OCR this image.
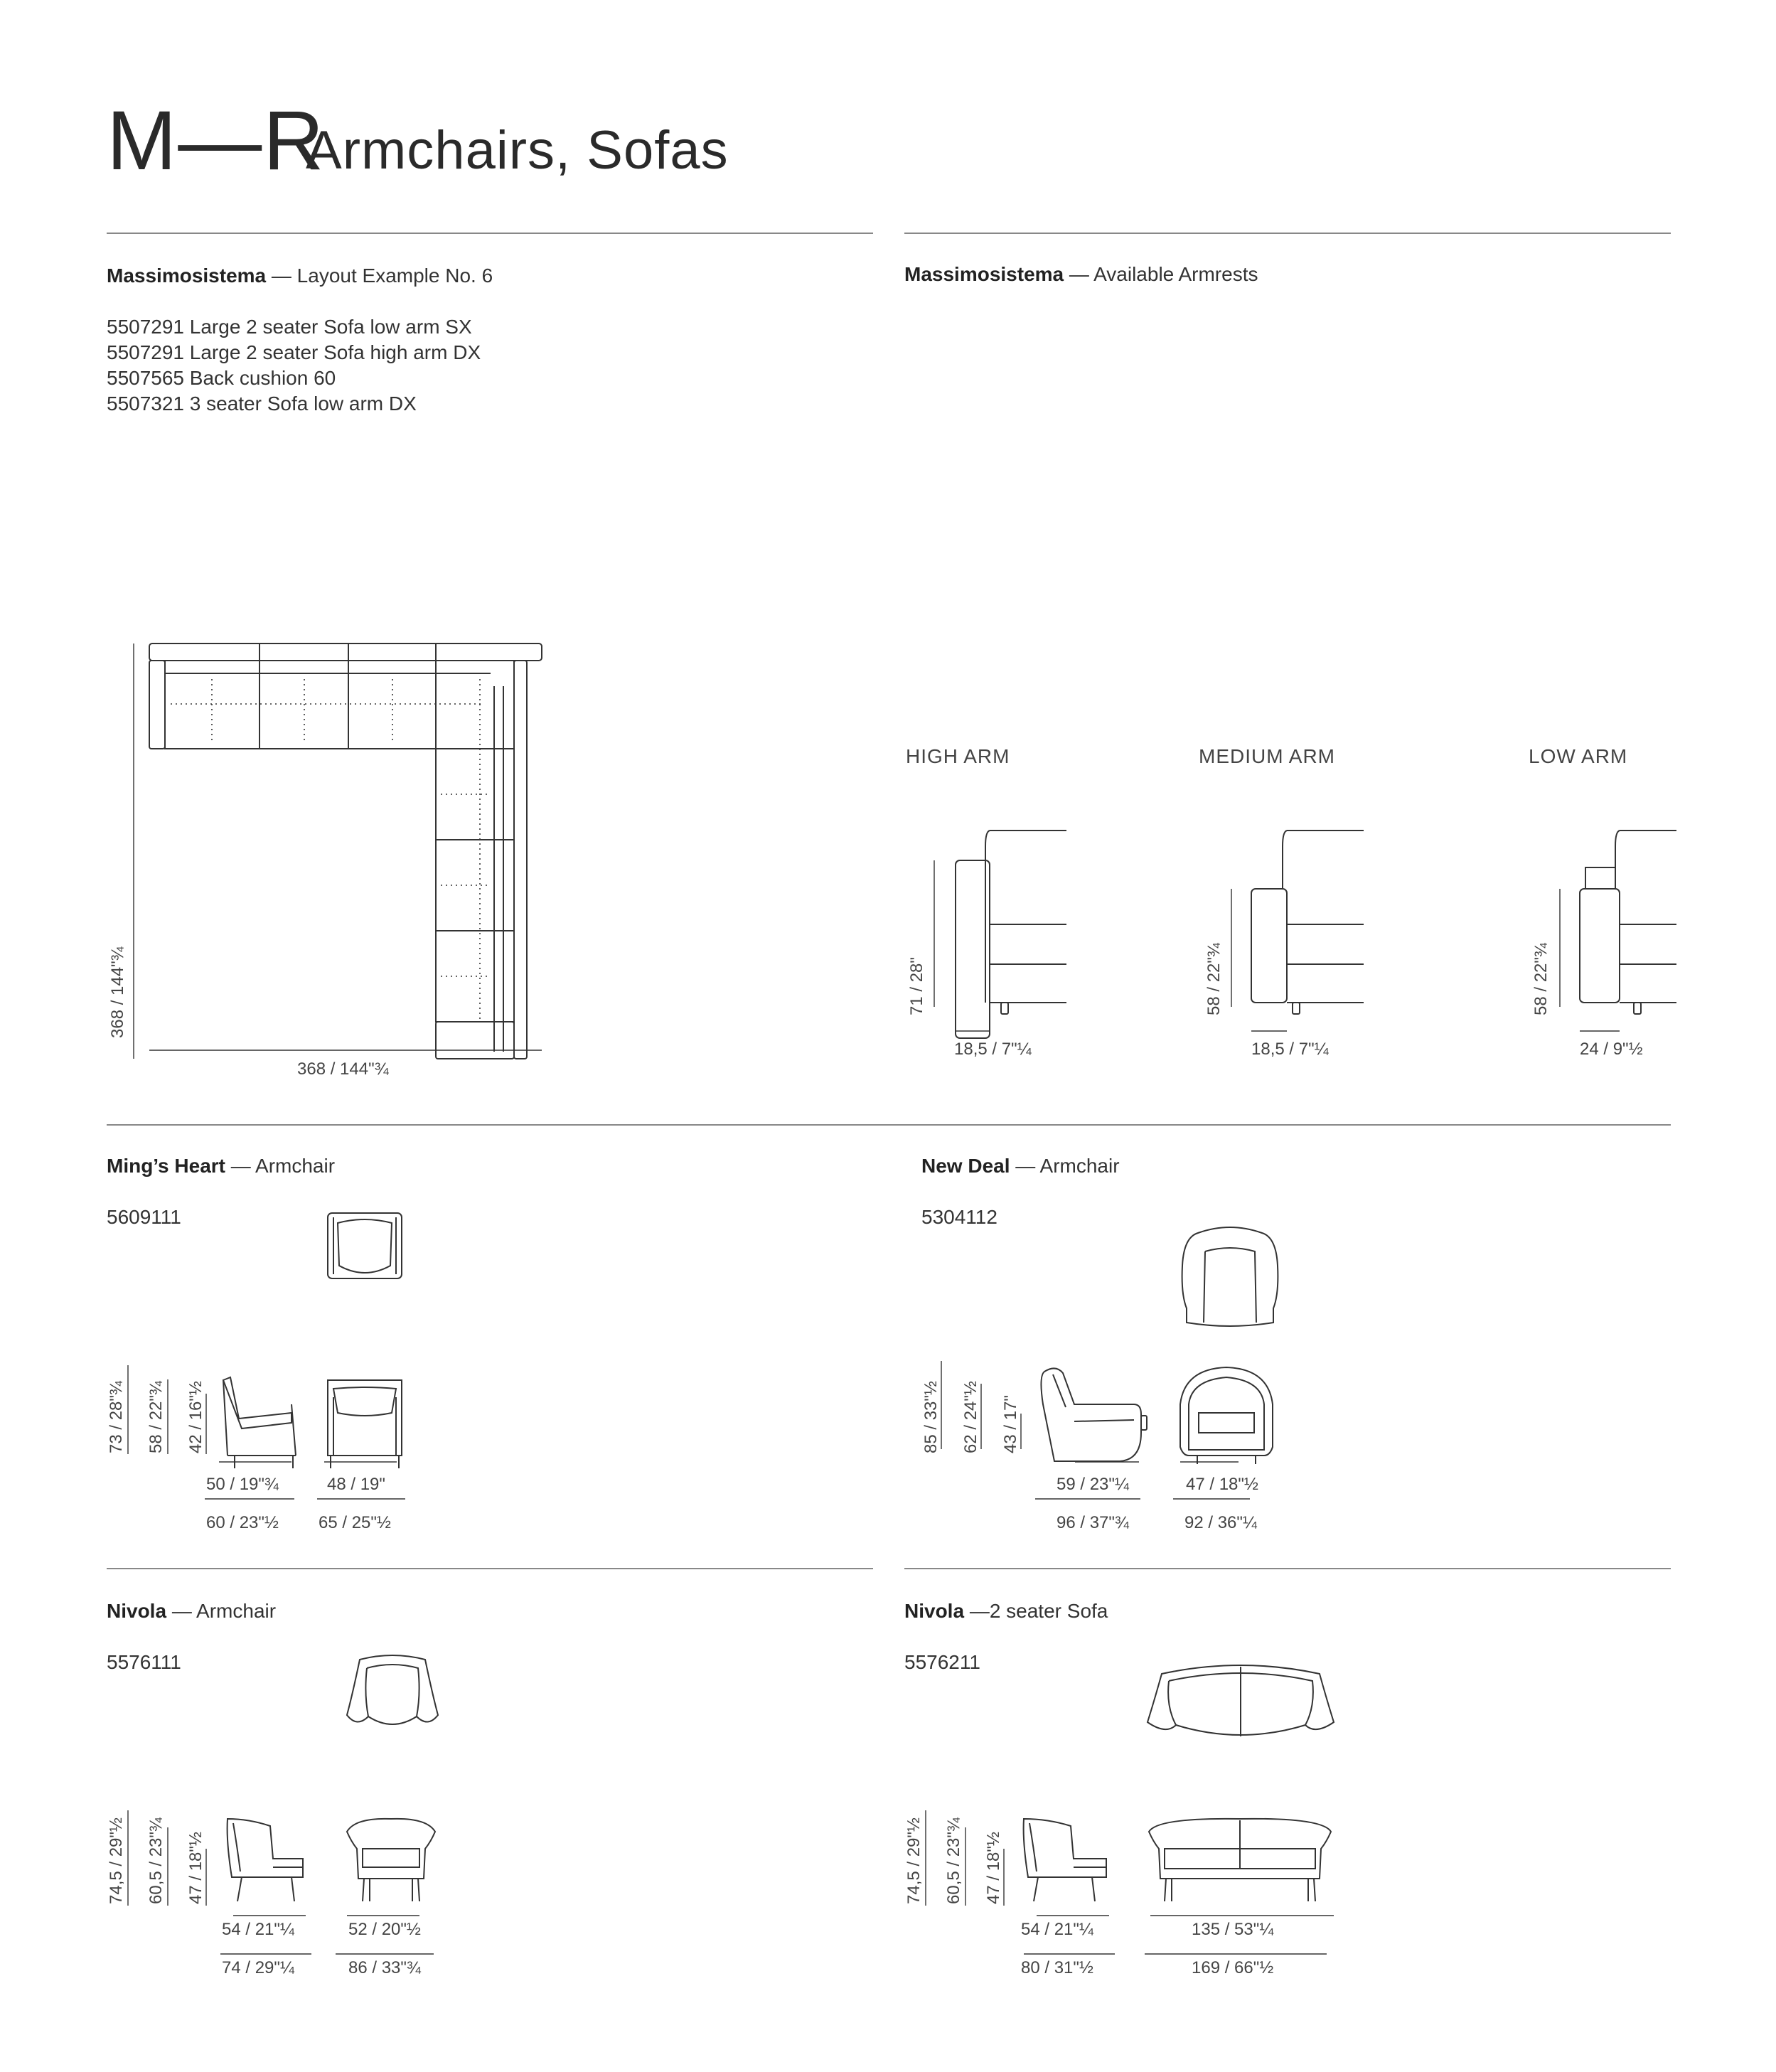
M—R
Armchairs, Sofas
Massimosistema — Layout Example No. 6
5507291 Large 2 seater Sofa low arm SX
5507291 Large 2 seater Sofa high arm DX
5507565 Back cushion 60
5507321 3 seater Sofa low arm DX
368 / 144"¾
368 / 144"¾
Massimosistema — Available Armrests
HIGH ARM	MEDIUM ARM	LOW ARM
71 / 28"
18,5 / 7"¼
58 / 22"¾
18,5 / 7"¼
58 / 22"¾
24 / 9"½
Ming’s Heart — Armchair
5609111
73 / 28"¾ 58 / 22"¾ 42 / 16"½
50 / 19"¾	48 / 19"
60 / 23"½ 65 / 25"½
New Deal — Armchair
5304112
85 / 33"½ 62 / 24"½ 43 / 17"
59 / 23"¼	47 / 18"½
96 / 37"¾	92 / 36"¼
Nivola — Armchair
5576111
74,5 / 29"½ 60,5 / 23"¾ 47 / 18"½
54 / 21"¼	52 / 20"½
74 / 29"¼	86 / 33"¾
Nivola —2 seater Sofa
5576211
74,5 / 29"½ 60,5 / 23"¾ 47 / 18"½
54 / 21"¼	135 / 53"¼
80 / 31"½	169 / 66"½
